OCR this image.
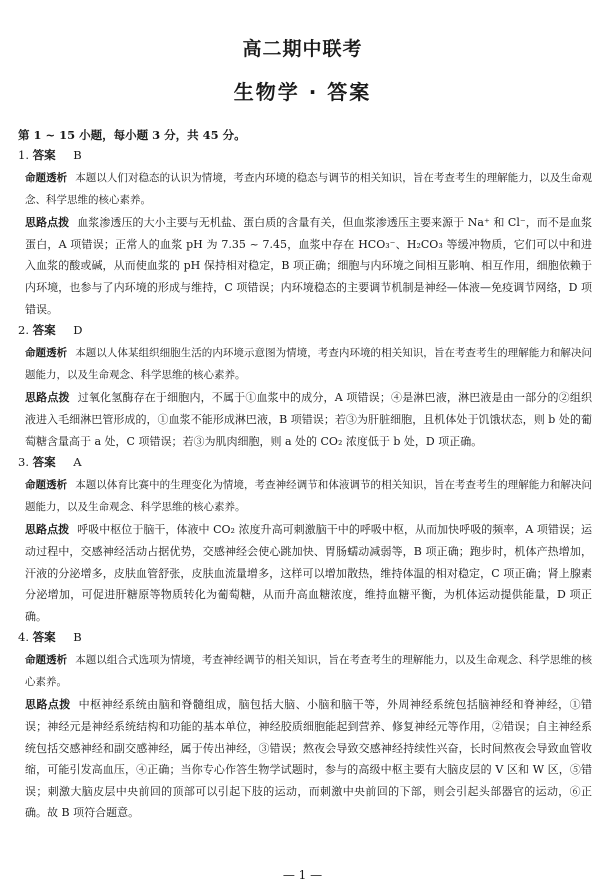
高二期中联考
生物学 · 答案

第 1 ~ 15 小题，每小题 3 分，共 45 分。

1. 答案 B

命题透析 本题以人们对稳态的认识为情境，考查内环境的稳态与调节的相关知识，旨在考查考生的理解能力，以及生命观念、科学思维的核心素养。

思路点拨 血浆渗透压的大小主要与无机盐、蛋白质的含量有关，但血浆渗透压主要来源于 Na⁺ 和 Cl⁻，而不是血浆蛋白，A 项错误；正常人的血浆 pH 为 7.35 ~ 7.45，血浆中存在 HCO₃⁻、H₂CO₃ 等缓冲物质，它们可以中和进入血浆的酸或碱，从而使血浆的 pH 保持相对稳定，B 项正确；细胞与内环境之间相互影响、相互作用，细胞依赖于内环境，也参与了内环境的形成与维持，C 项错误；内环境稳态的主要调节机制是神经—体液—免疫调节网络，D 项错误。

2. 答案 D

命题透析 本题以人体某组织细胞生活的内环境示意图为情境，考查内环境的相关知识，旨在考查考生的理解能力和解决问题能力，以及生命观念、科学思维的核心素养。

思路点拨 过氧化氢酶存在于细胞内，不属于①血浆中的成分，A 项错误；④是淋巴液，淋巴液是由一部分的②组织液进入毛细淋巴管形成的，①血浆不能形成淋巴液，B 项错误；若③为肝脏细胞，且机体处于饥饿状态，则 b 处的葡萄糖含量高于 a 处，C 项错误；若③为肌肉细胞，则 a 处的 CO₂ 浓度低于 b 处，D 项正确。

3. 答案 A

命题透析 本题以体育比赛中的生理变化为情境，考查神经调节和体液调节的相关知识，旨在考查考生的理解能力和解决问题能力，以及生命观念、科学思维的核心素养。

思路点拨 呼吸中枢位于脑干，体液中 CO₂ 浓度升高可刺激脑干中的呼吸中枢，从而加快呼吸的频率，A 项错误；运动过程中，交感神经活动占据优势，交感神经会使心跳加快、胃肠蠕动减弱等，B 项正确；跑步时，机体产热增加，汗液的分泌增多，皮肤血管舒张，皮肤血流量增多，这样可以增加散热，维持体温的相对稳定，C 项正确；肾上腺素分泌增加，可促进肝糖原等物质转化为葡萄糖，从而升高血糖浓度，维持血糖平衡，为机体运动提供能量，D 项正确。

4. 答案 B

命题透析 本题以组合式选项为情境，考查神经调节的相关知识，旨在考查考生的理解能力，以及生命观念、科学思维的核心素养。

思路点拨 中枢神经系统由脑和脊髓组成，脑包括大脑、小脑和脑干等，外周神经系统包括脑神经和脊神经，①错误；神经元是神经系统结构和功能的基本单位，神经胶质细胞能起到营养、修复神经元等作用，②错误；自主神经系统包括交感神经和副交感神经，属于传出神经，③错误；熬夜会导致交感神经持续性兴奋，长时间熬夜会导致血管收缩，可能引发高血压，④正确；当你专心作答生物学试题时，参与的高级中枢主要有大脑皮层的 V 区和 W 区，⑤错误；刺激大脑皮层中央前回的顶部可以引起下肢的运动，而刺激中央前回的下部，则会引起头部器官的运动，⑥正确。故 B 项符合题意。

— 1 —
